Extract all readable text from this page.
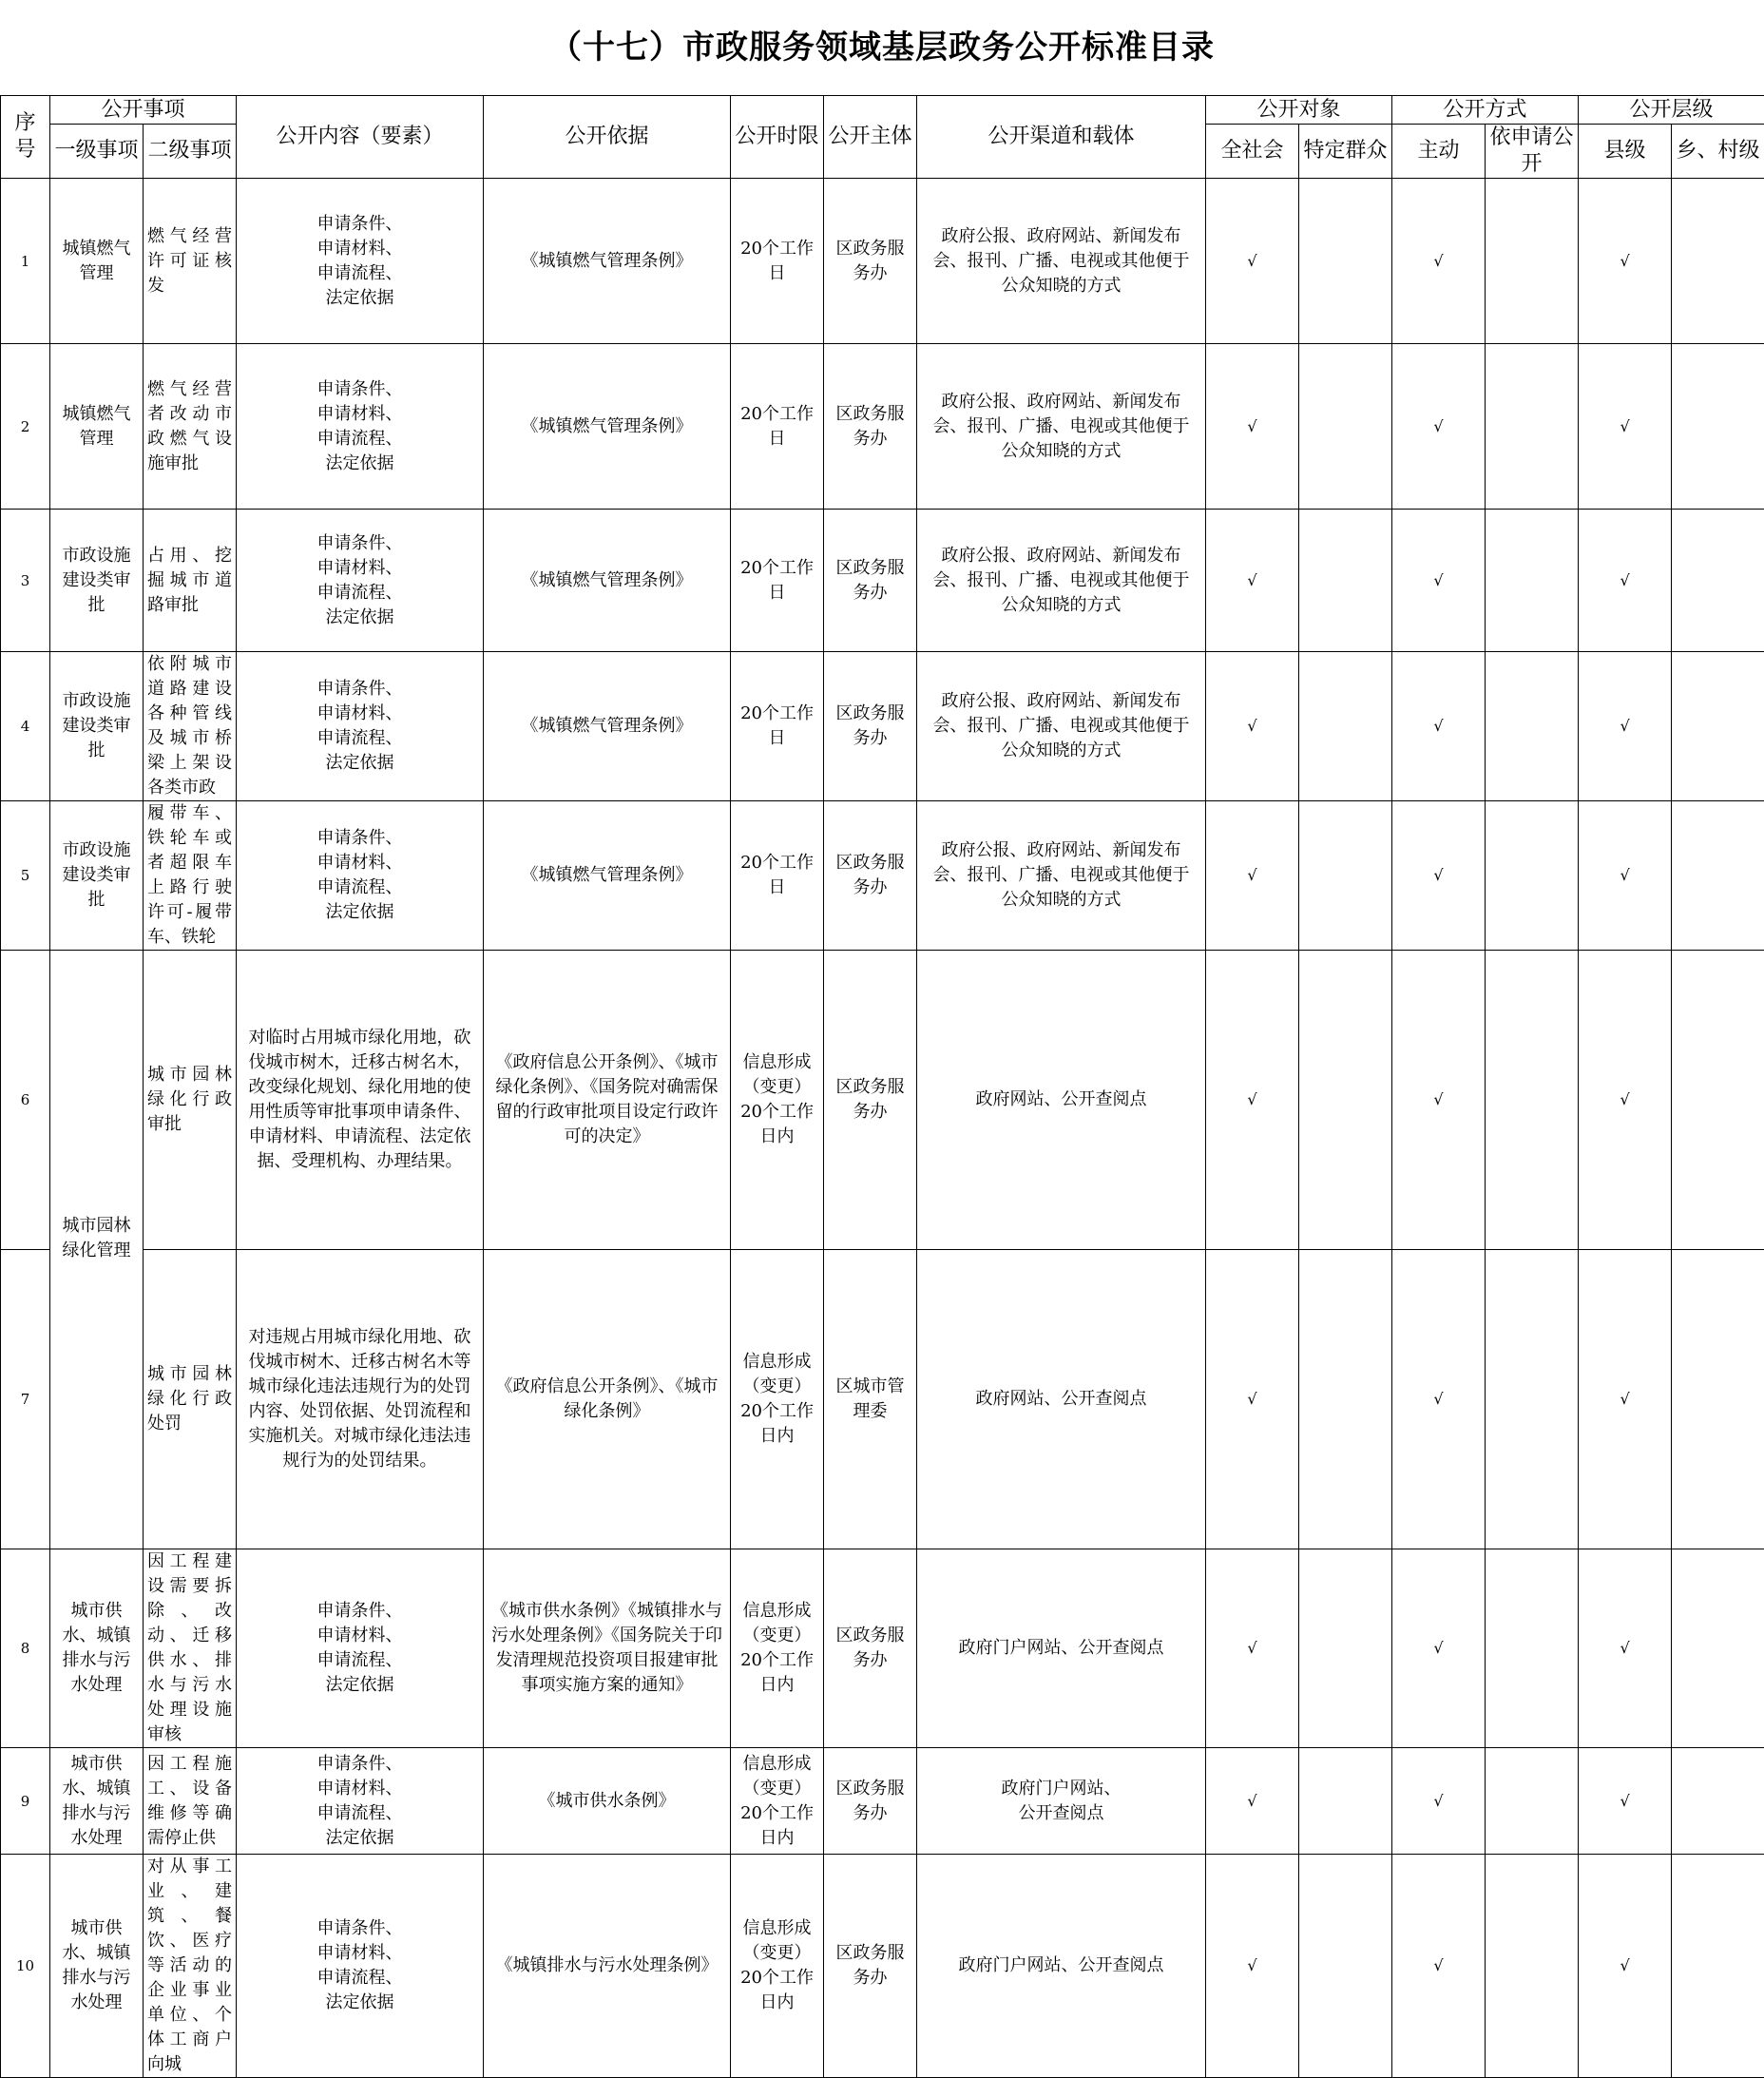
（十七）市政服务领域基层政务公开标准目录
序号	公开事项		公开内容（要素）	公开依据	公开时限	公开主体	公开渠道和载体	公开对象		公开方式		公开层级	
	一级事项	二级事项						全社会	特定群众	主动	依申请公开	县级	乡、村级
1	城镇燃气管理	燃气经营许可证核发	申请条件、
申请材料、
申请流程、
法定依据	《城镇燃气管理条例》	20个工作日	区政务服务办	政府公报、政府网站、新闻发布会、报刊、广播、电视或其他便于公众知晓的方式	√		√		√	
2	城镇燃气管理	燃气经营者改动市政燃气设施审批	申请条件、
申请材料、
申请流程、
法定依据	《城镇燃气管理条例》	20个工作日	区政务服务办	政府公报、政府网站、新闻发布会、报刊、广播、电视或其他便于公众知晓的方式	√		√		√	
3	市政设施建设类审批	占用、挖掘城市道路审批	申请条件、
申请材料、
申请流程、
法定依据	《城镇燃气管理条例》	20个工作日	区政务服务办	政府公报、政府网站、新闻发布会、报刊、广播、电视或其他便于公众知晓的方式	√		√		√	
4	市政设施建设类审批	依附城市道路建设各种管线及城市桥梁上架设各类市政	申请条件、
申请材料、
申请流程、
法定依据	《城镇燃气管理条例》	20个工作日	区政务服务办	政府公报、政府网站、新闻发布会、报刊、广播、电视或其他便于公众知晓的方式	√		√		√	
5	市政设施建设类审批	履带车、铁轮车或者超限车上路行驶许可-履带车、铁轮	申请条件、
申请材料、
申请流程、
法定依据	《城镇燃气管理条例》	20个工作日	区政务服务办	政府公报、政府网站、新闻发布会、报刊、广播、电视或其他便于公众知晓的方式	√		√		√	
6	城市园林绿化管理	城市园林绿化行政审批	对临时占用城市绿化用地，砍伐城市树木，迁移古树名木，改变绿化规划、绿化用地的使用性质等审批事项申请条件、申请材料、申请流程、法定依据、受理机构、办理结果。	《政府信息公开条例》、《城市绿化条例》、《国务院对确需保留的行政审批项目设定行政许可的决定》	信息形成（变更）20个工作日内	区政务服务办	政府网站、公开查阅点	√		√		√	
7		城市园林绿化行政处罚	对违规占用城市绿化用地、砍伐城市树木、迁移古树名木等城市绿化违法违规行为的处罚内容、处罚依据、处罚流程和实施机关。对城市绿化违法违规行为的处罚结果。	《政府信息公开条例》、《城市绿化条例》	信息形成（变更）20个工作日内	区城市管理委	政府网站、公开查阅点	√		√		√	
8	城市供水、城镇排水与污水处理	因工程建设需要拆除、改动、迁移供水、排水与污水处理设施审核	申请条件、
申请材料、
申请流程、
法定依据	《城市供水条例》《城镇排水与污水处理条例》《国务院关于印发清理规范投资项目报建审批事项实施方案的通知》	信息形成（变更）20个工作日内	区政务服务办	政府门户网站、公开查阅点	√		√		√	
9	城市供水、城镇排水与污水处理	因工程施工、设备维修等确需停止供	申请条件、
申请材料、
申请流程、
法定依据	《城市供水条例》	信息形成（变更）20个工作日内	区政务服务办	政府门户网站、
公开查阅点	√		√		√	
10	城市供水、城镇排水与污水处理	对从事工业、建筑、餐饮、医疗等活动的企业事业单位、个体工商户向城	申请条件、
申请材料、
申请流程、
法定依据	《城镇排水与污水处理条例》	信息形成（变更）20个工作日内	区政务服务办	政府门户网站、公开查阅点	√		√		√	
